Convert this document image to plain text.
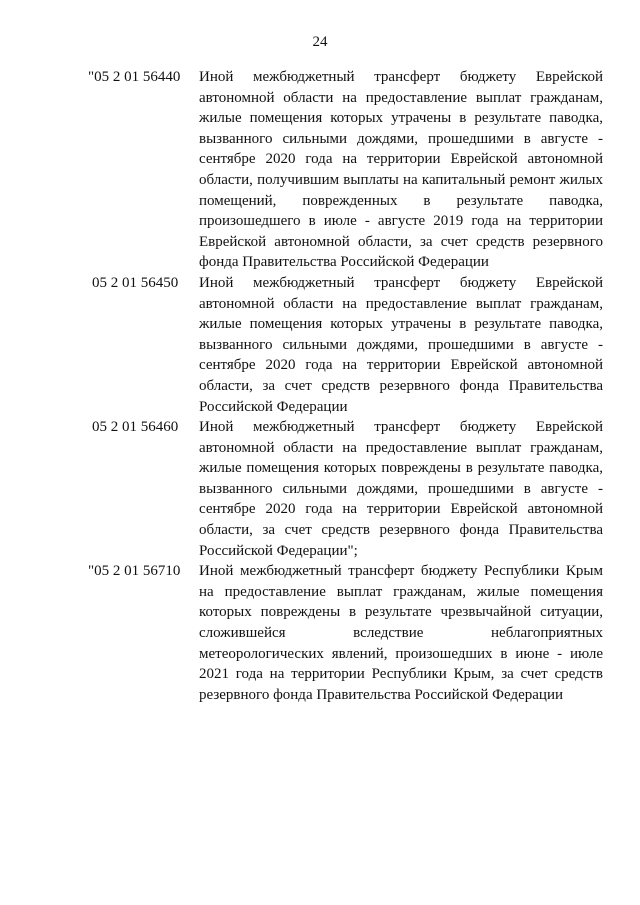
24
"05 2 01 56440	Иной межбюджетный трансферт бюджету Еврейской автономной области на предоставление выплат гражданам, жилые помещения которых утрачены в результате паводка, вызванного сильными дождями, прошедшими в августе - сентябре 2020 года на территории Еврейской автономной области, получившим выплаты на капитальный ремонт жилых помещений, поврежденных в результате паводка, произошедшего в июле - августе 2019 года на территории Еврейской автономной области, за счет средств резервного фонда Правительства Российской Федерации
05 2 01 56450	Иной межбюджетный трансферт бюджету Еврейской автономной области на предоставление выплат гражданам, жилые помещения которых утрачены в результате паводка, вызванного сильными дождями, прошедшими в августе - сентябре 2020 года на территории Еврейской автономной области, за счет средств резервного фонда Правительства Российской Федерации
05 2 01 56460	Иной межбюджетный трансферт бюджету Еврейской автономной области на предоставление выплат гражданам, жилые помещения которых повреждены в результате паводка, вызванного сильными дождями, прошедшими в августе - сентябре 2020 года на территории Еврейской автономной области, за счет средств резервного фонда Правительства Российской Федерации";
"05 2 01 56710	Иной межбюджетный трансферт бюджету Республики Крым на предоставление выплат гражданам, жилые помещения которых повреждены в результате чрезвычайной ситуации, сложившейся вследствие неблагоприятных метеорологических явлений, произошедших в июне - июле 2021 года на территории Республики Крым, за счет средств резервного фонда Правительства Российской Федерации
